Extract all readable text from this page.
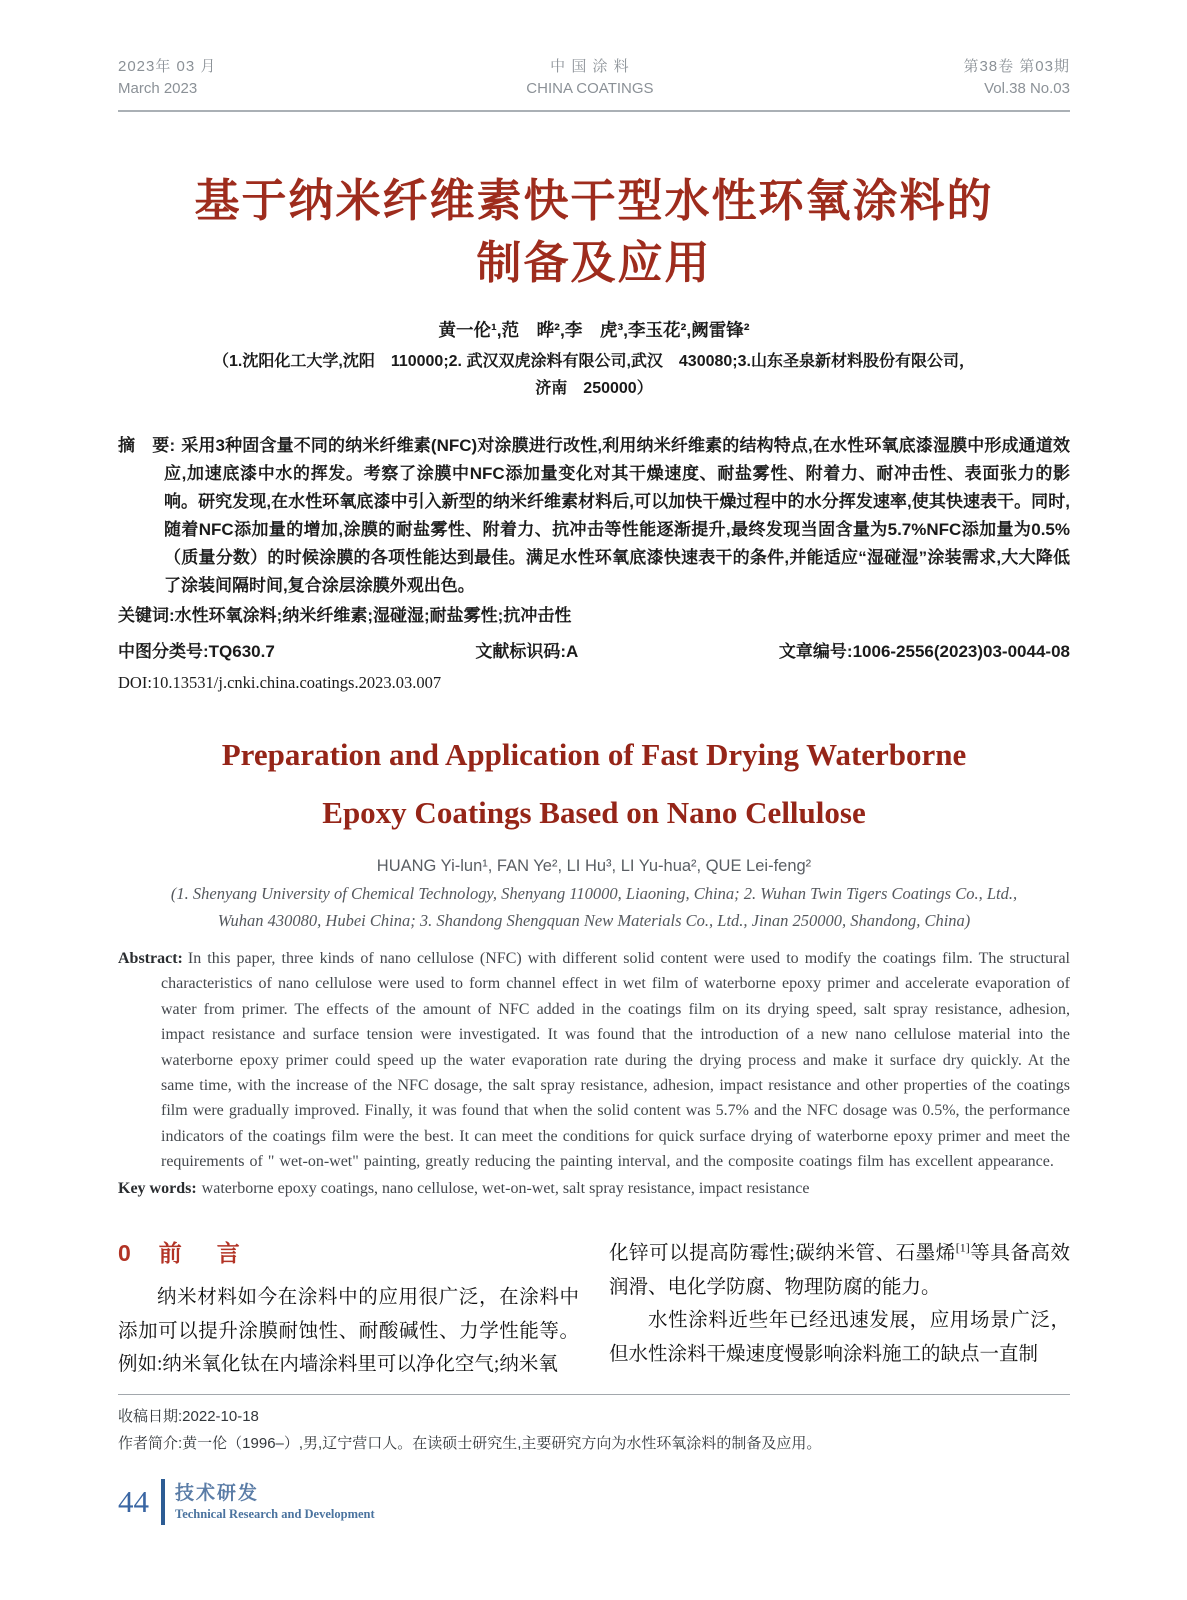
2023年 03 月
March 2023
中 国 涂 料
CHINA COATINGS
第38卷 第03期
Vol.38 No.03
基于纳米纤维素快干型水性环氧涂料的
制备及应用
黄一伦¹,范　晔²,李　虎³,李玉花²,阙雷锋²
（1.沈阳化工大学,沈阳　110000;2. 武汉双虎涂料有限公司,武汉　430080;3.山东圣泉新材料股份有限公司，
济南　250000）
摘　要: 采用3种固含量不同的纳米纤维素(NFC)对涂膜进行改性,利用纳米纤维素的结构特点,在水性环氧底漆湿膜中形成通道效应,加速底漆中水的挥发。考察了涂膜中NFC添加量变化对其干燥速度、耐盐雾性、附着力、耐冲击性、表面张力的影响。研究发现,在水性环氧底漆中引入新型的纳米纤维素材料后,可以加快干燥过程中的水分挥发速率,使其快速表干。同时,随着NFC添加量的增加,涂膜的耐盐雾性、附着力、抗冲击等性能逐渐提升,最终发现当固含量为5.7%NFC添加量为0.5%（质量分数）的时候涂膜的各项性能达到最佳。满足水性环氧底漆快速表干的条件,并能适应“湿碰湿”涂装需求,大大降低了涂装间隔时间,复合涂层涂膜外观出色。
关键词:水性环氧涂料;纳米纤维素;湿碰湿;耐盐雾性;抗冲击性
中图分类号:TQ630.7	文献标识码:A	文章编号:1006-2556(2023)03-0044-08
DOI:10.13531/j.cnki.china.coatings.2023.03.007
Preparation and Application of Fast Drying Waterborne
Epoxy Coatings Based on Nano Cellulose
HUANG Yi-lun¹, FAN Ye², LI Hu³, LI Yu-hua², QUE Lei-feng²
(1. Shenyang University of Chemical Technology, Shenyang 110000, Liaoning, China; 2. Wuhan Twin Tigers Coatings Co., Ltd.,
Wuhan 430080, Hubei China; 3. Shandong Shengquan New Materials Co., Ltd., Jinan 250000, Shandong, China)
Abstract: In this paper, three kinds of nano cellulose (NFC) with different solid content were used to modify the coatings film. The structural characteristics of nano cellulose were used to form channel effect in wet film of waterborne epoxy primer and accelerate evaporation of water from primer. The effects of the amount of NFC added in the coatings film on its drying speed, salt spray resistance, adhesion, impact resistance and surface tension were investigated. It was found that the introduction of a new nano cellulose material into the waterborne epoxy primer could speed up the water evaporation rate during the drying process and make it surface dry quickly. At the same time, with the increase of the NFC dosage, the salt spray resistance, adhesion, impact resistance and other properties of the coatings film were gradually improved. Finally, it was found that when the solid content was 5.7% and the NFC dosage was 0.5%, the performance indicators of the coatings film were the best. It can meet the conditions for quick surface drying of waterborne epoxy primer and meet the requirements of " wet-on-wet" painting, greatly reducing the painting interval, and the composite coatings film has excellent appearance.
Key words: waterborne epoxy coatings, nano cellulose, wet-on-wet, salt spray resistance, impact resistance
0 前　言

纳米材料如今在涂料中的应用很广泛，在涂料中添加可以提升涂膜耐蚀性、耐酸碱性、力学性能等。例如:纳米氧化钛在内墙涂料里可以净化空气;纳米氧

化锌可以提高防霉性;碳纳米管、石墨烯[1]等具备高效润滑、电化学防腐、物理防腐的能力。

水性涂料近些年已经迅速发展，应用场景广泛，但水性涂料干燥速度慢影响涂料施工的缺点一直制

收稿日期:2022-10-18
作者简介:黄一伦（1996–）,男,辽宁营口人。在读硕士研究生,主要研究方向为水性环氧涂料的制备及应用。
44 技术研发
Technical Research and Development
